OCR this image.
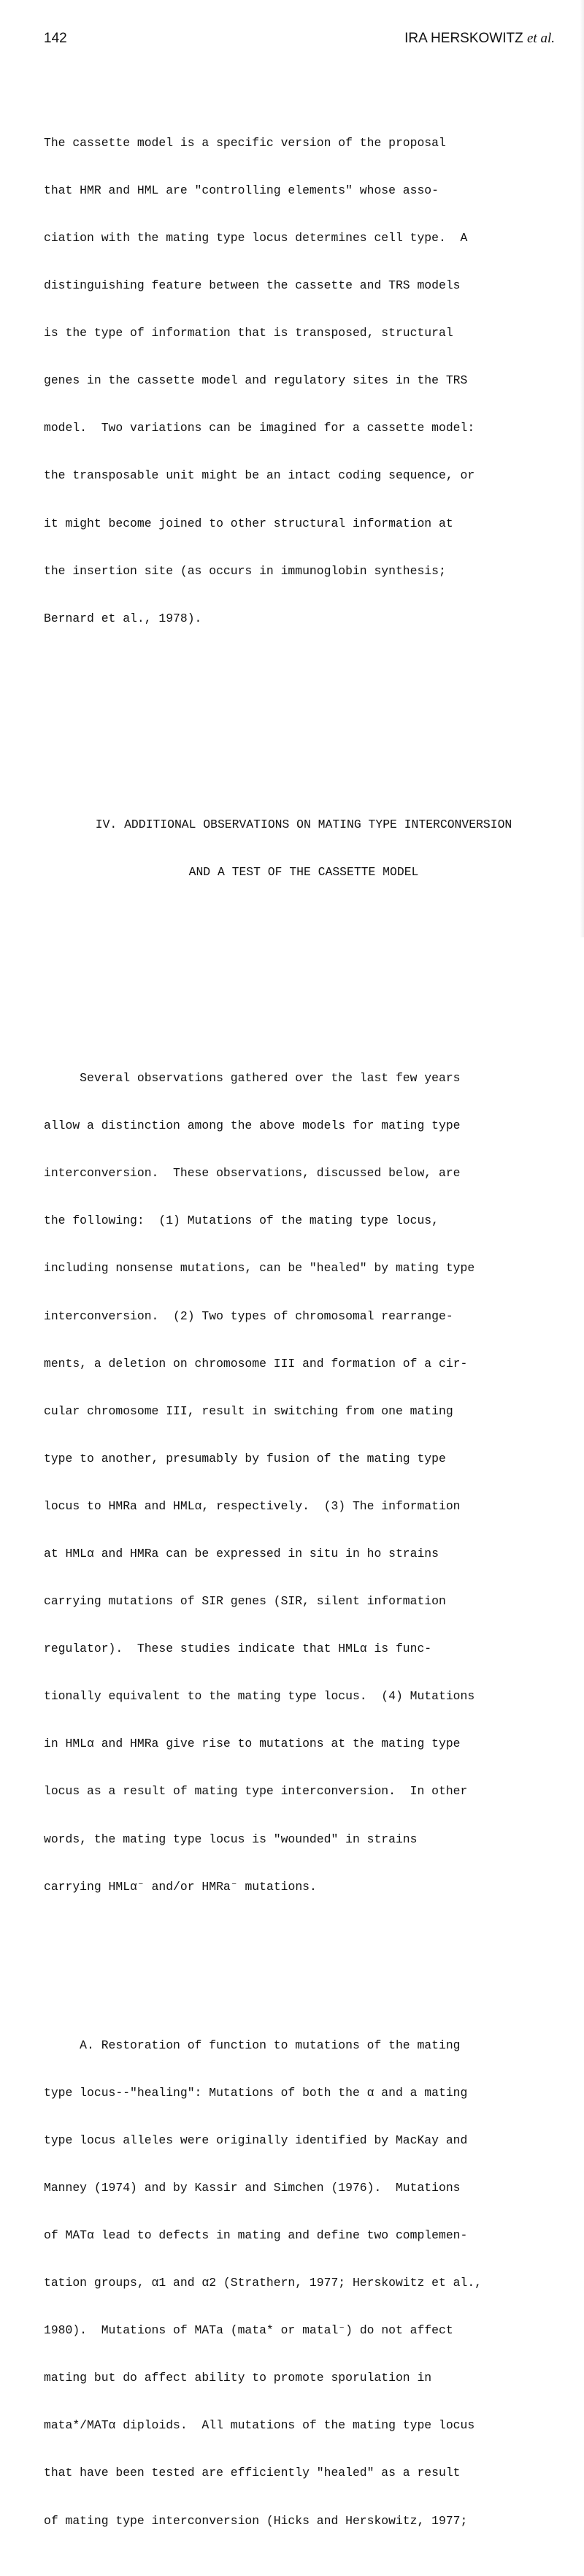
142	IRA HERSKOWITZ et al.

The cassette model is a specific version of the proposal

that HMR and HML are "controlling elements" whose asso-

ciation with the mating type locus determines cell type.  A

distinguishing feature between the cassette and TRS models

is the type of information that is transposed, structural

genes in the cassette model and regulatory sites in the TRS

model.  Two variations can be imagined for a cassette model:

the transposable unit might be an intact coding sequence, or

it might become joined to other structural information at

the insertion site (as occurs in immunoglobin synthesis;

Bernard et al., 1978).

IV. ADDITIONAL OBSERVATIONS ON MATING TYPE INTERCONVERSION

AND A TEST OF THE CASSETTE MODEL

Several observations gathered over the last few years

allow a distinction among the above models for mating type

interconversion.  These observations, discussed below, are

the following:  (1) Mutations of the mating type locus,

including nonsense mutations, can be "healed" by mating type

interconversion.  (2) Two types of chromosomal rearrange-

ments, a deletion on chromosome III and formation of a cir-

cular chromosome III, result in switching from one mating

type to another, presumably by fusion of the mating type

locus to HMRa and HMLα, respectively.  (3) The information

at HMLα and HMRa can be expressed in situ in ho strains

carrying mutations of SIR genes (SIR, silent information

regulator).  These studies indicate that HMLα is func-

tionally equivalent to the mating type locus.  (4) Mutations

in HMLα and HMRa give rise to mutations at the mating type

locus as a result of mating type interconversion.  In other

words, the mating type locus is "wounded" in strains

carrying HMLα⁻ and/or HMRa⁻ mutations.

A. Restoration of function to mutations of the mating

type locus--"healing": Mutations of both the α and a mating

type locus alleles were originally identified by MacKay and

Manney (1974) and by Kassir and Simchen (1976).  Mutations

of MATα lead to defects in mating and define two complemen-

tation groups, α1 and α2 (Strathern, 1977; Herskowitz et al.,

1980).  Mutations of MATa (mata* or matal⁻) do not affect

mating but do affect ability to promote sporulation in

mata*/MATα diploids.  All mutations of the mating type locus

that have been tested are efficiently "healed" as a result

of mating type interconversion (Hicks and Herskowitz, 1977;
